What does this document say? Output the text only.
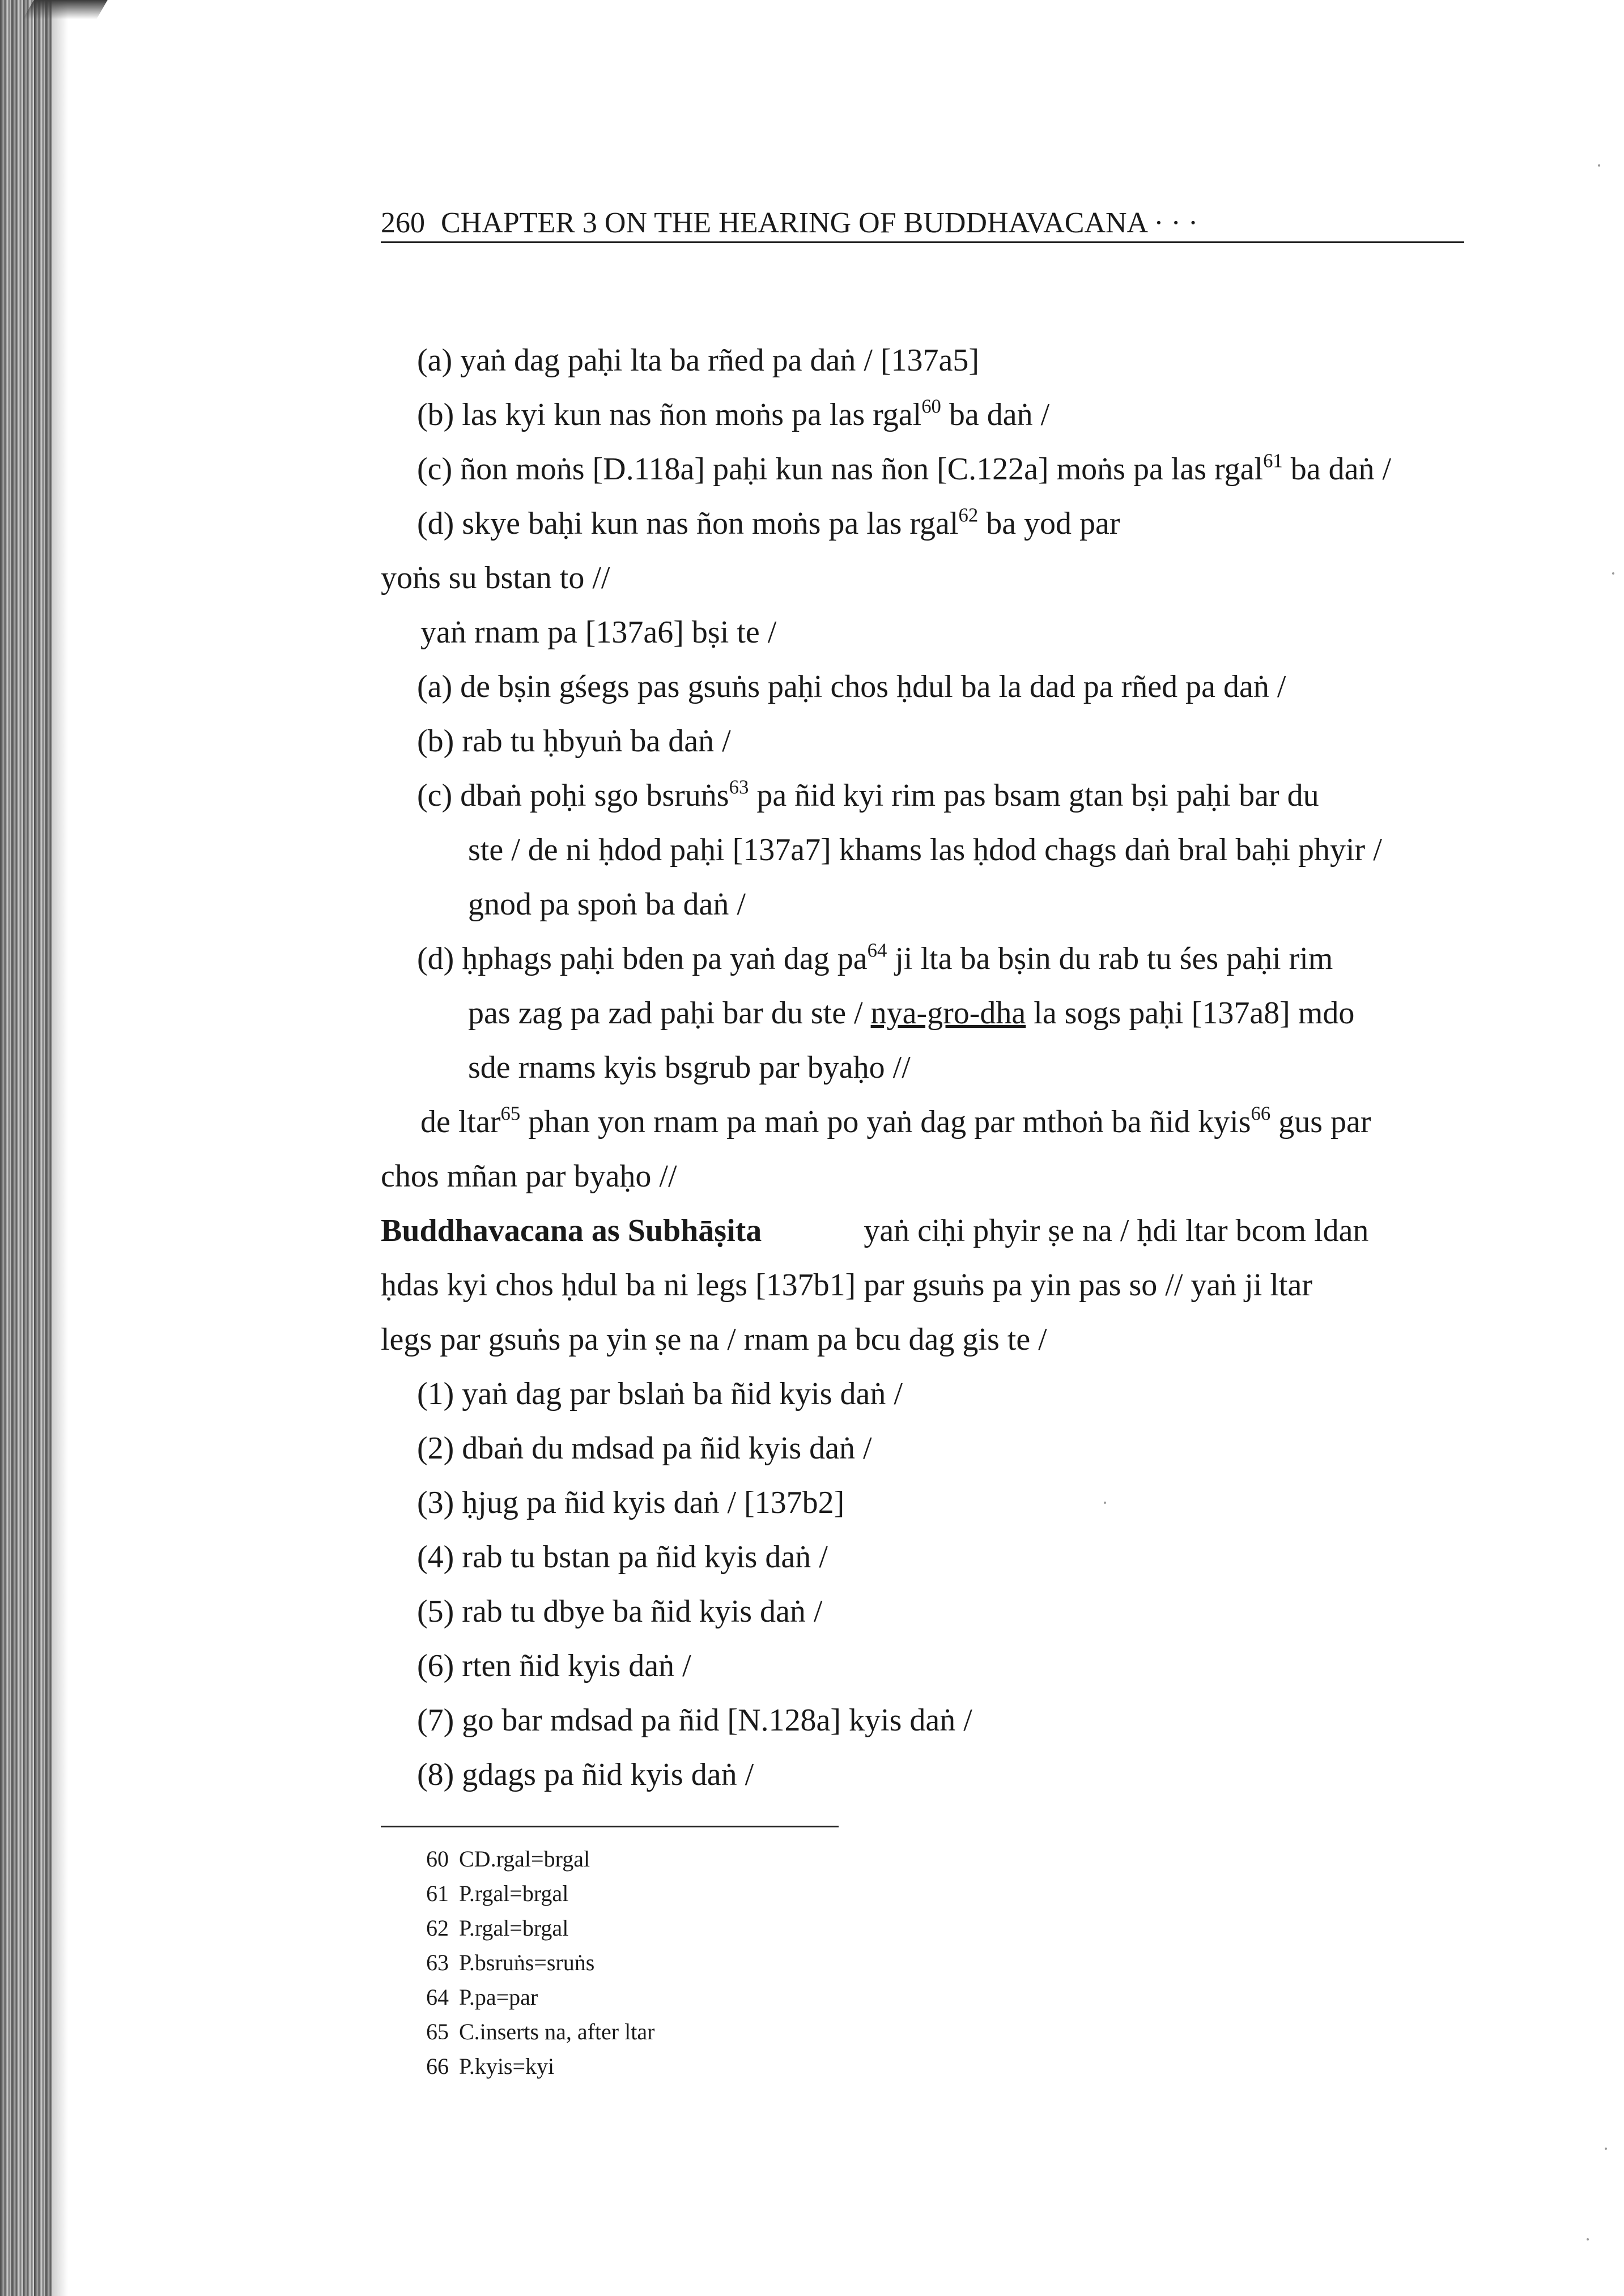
260 CHAPTER 3 ON THE HEARING OF BUDDHAVACANA · · ·
(a) yaṅ dag paḥi lta ba rñed pa daṅ / [137a5]
(b) las kyi kun nas ñon moṅs pa las rgal$^{60}$ ba daṅ /
(c) ñon moṅs [D.118a] paḥi kun nas ñon [C.122a] moṅs pa las rgal$^{61}$ ba daṅ /
(d) skye baḥi kun nas ñon moṅs pa las rgal$^{62}$ ba yod par
yoṅs su bstan to //
yaṅ rnam pa [137a6] bṣi te /
(a) de bṣin gśegs pas gsuṅs paḥi chos ḥdul ba la dad pa rñed pa daṅ /
(b) rab tu ḥbyuṅ ba daṅ /
(c) dbaṅ poḥi sgo bsruṅs$^{63}$ pa ñid kyi rim pas bsam gtan bṣi paḥi bar du
ste / de ni ḥdod paḥi [137a7] khams las ḥdod chags daṅ bral baḥi phyir /
gnod pa spoṅ ba daṅ /
(d) ḥphags paḥi bden pa yaṅ dag $pa^{64}$ ji lta ba bṣin du rab tu śes paḥi rim
pas zag pa zad paḥi bar du ste / nya-gro-dha la sogs paḥi [137a8] mdo
sde rnams kyis bsgrub par byaḥo //
de ltar$^{65}$ phan yon rnam pa maṅ po yaṅ dag par mthoṅ ba ñid kyis$^{66}$ gus par
chos mñan par byaḥo //
Buddhavacana as Subhāṣita	yaṅ ciḥi phyir ṣe na / ḥdi ltar bcom ldan
ḥdas kyi chos ḥdul ba ni legs [137b1] par gsuṅs pa yin pas so // yaṅ ji ltar
legs par gsuṅs pa yin ṣe na / rnam pa bcu dag gis te /
(1) yaṅ dag par bslaṅ ba ñid kyis daṅ /
(2) dbaṅ du mdsad pa ñid kyis daṅ /
(3) ḥjug pa ñid kyis daṅ / [137b2]
(4) rab tu bstan pa ñid kyis daṅ /
(5) rab tu dbye ba ñid kyis daṅ /
(6) rten ñid kyis daṅ /
(7) go bar mdsad pa ñid [N.128a] kyis daṅ /
(8) gdags pa ñid kyis daṅ /
60 CD.rgal=brgal
61 P.rgal=brgal
62 P.rgal=brgal
63 P.bsruṅs=sruṅs
64 P.pa=par
65 C.inserts na, after ltar
66 P.kyis=kyi
